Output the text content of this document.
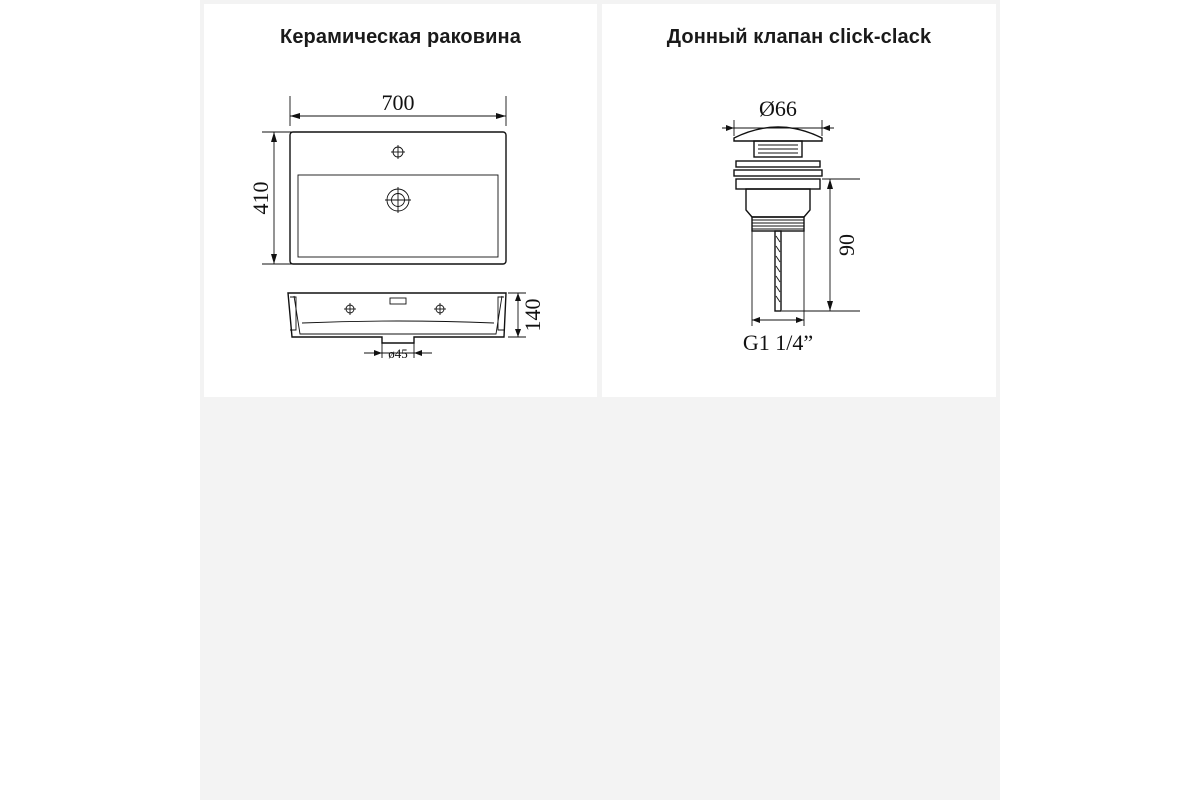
Керамическая раковина
700
410
140
ø45
Донный клапан click-clack
Ø66
90
G1 1/4”
